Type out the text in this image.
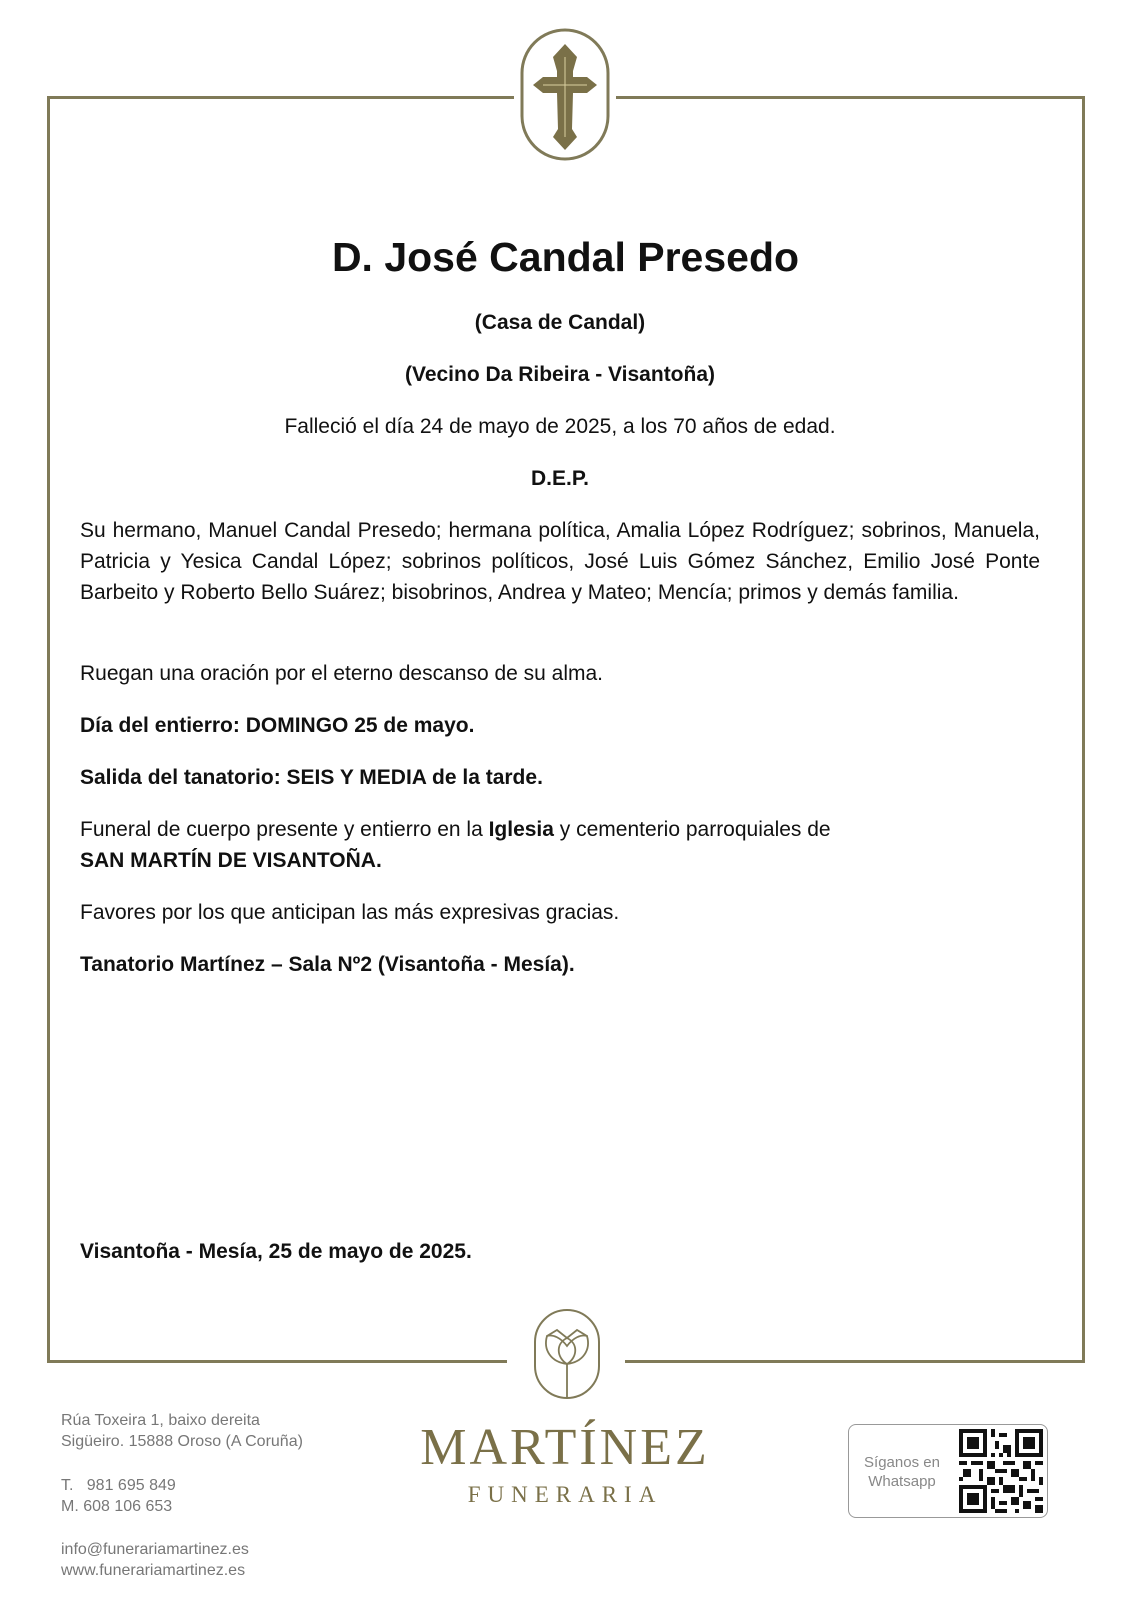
D. José Candal Presedo
(Casa de Candal)
(Vecino Da Ribeira - Visantoña)
Falleció el día 24 de mayo de 2025, a los 70 años de edad.
D.E.P.
Su hermano, Manuel Candal Presedo; hermana política, Amalia López Rodríguez; sobrinos, Manuela, Patricia y Yesica Candal López; sobrinos políticos, José Luis Gómez Sánchez, Emilio José Ponte Barbeito y Roberto Bello Suárez; bisobrinos, Andrea y Mateo; Mencía; primos y demás familia.
Ruegan una oración por el eterno descanso de su alma.
Día del entierro: DOMINGO 25 de mayo.
Salida del tanatorio: SEIS Y MEDIA de la tarde.
Funeral de cuerpo presente y entierro en la Iglesia y cementerio parroquiales de
SAN MARTÍN DE VISANTOÑA.
Favores por los que anticipan las más expresivas gracias.
Tanatorio Martínez – Sala Nº2 (Visantoña - Mesía).
Visantoña - Mesía, 25 de mayo de 2025.
Rúa Toxeira 1, baixo dereita
Sigüeiro. 15888 Oroso (A Coruña)
T.   981 695 849
M. 608 106 653
info@funerariamartinez.es
www.funerariamartinez.es
MARTÍNEZ
FUNERARIA
Síganos en
Whatsapp
